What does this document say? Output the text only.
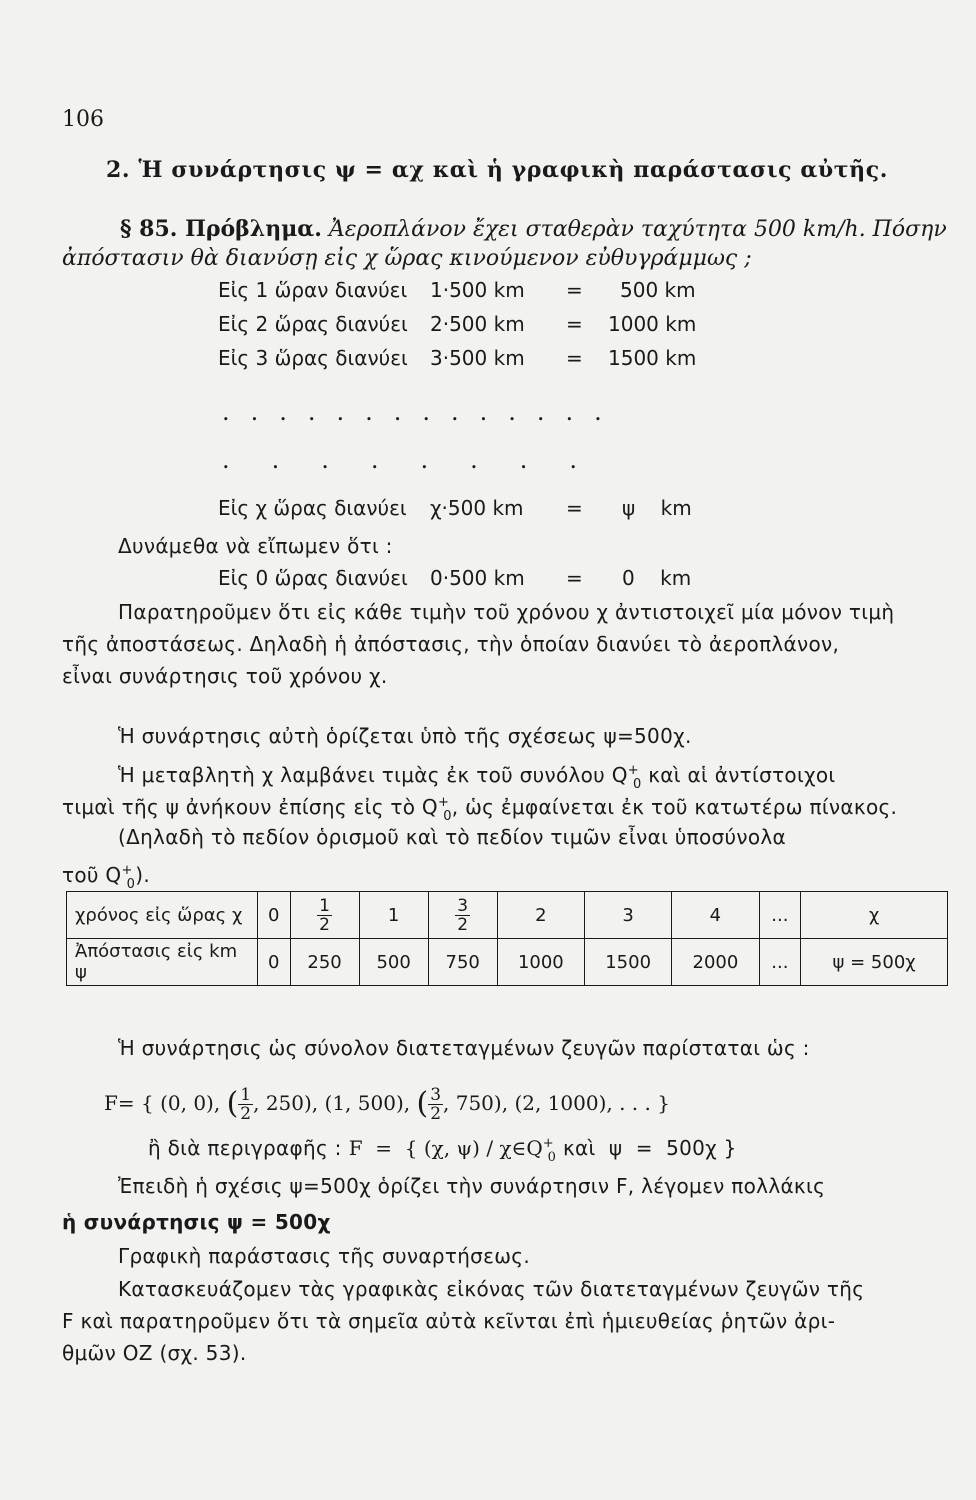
106
2. Ἡ συνάρτησις ψ = αχ καὶ ἡ γραφικὴ παράστασις αὐτῆς.
§ 85. Πρόβλημα. Ἀεροπλάνον ἔχει σταθερὰν ταχύτητα 500 km/h. Πόσην
ἀπόστασιν θὰ διανύσῃ εἰς χ ὥρας κινούμενον εὐθυγράμμως ;
Εἰς 1 ὥραν διανύει 1·500 km = 500 km
Εἰς 2 ὥρας διανύει 2·500 km = 1000 km
Εἰς 3 ὥρας διανύει 3·500 km = 1500 km
..............
........
Εἰς χ ὥρας διανύει χ·500 km = ψ    km
Δυνάμεθα νὰ εἴπωμεν ὅτι :
Εἰς 0 ὥρας διανύει 0·500 km = 0    km
Παρατηροῦμεν ὅτι εἰς κάθε τιμὴν τοῦ χρόνου χ ἀντιστοιχεῖ μία μόνον τιμὴ
τῆς ἀποστάσεως. Δηλαδὴ ἡ ἀπόστασις, τὴν ὁποίαν διανύει τὸ ἀεροπλάνον,
εἶναι συνάρτησις τοῦ χρόνου χ.
Ἡ συνάρτησις αὐτὴ ὁρίζεται ὑπὸ τῆς σχέσεως ψ=500χ.
Ἡ μεταβλητὴ χ λαμβάνει τιμὰς ἐκ τοῦ συνόλου $Q^+_0$ καὶ αἱ ἀντίστοιχοι
τιμαὶ τῆς ψ ἀνήκουν ἐπίσης εἰς τὸ $Q^+_0$, ὡς ἐμφαίνεται ἐκ τοῦ κατωτέρω πίνακος.
(Δηλαδὴ τὸ πεδίον ὁρισμοῦ καὶ τὸ πεδίον τιμῶν εἶναι ὑποσύνολα
τοῦ $Q^+_0$).
χρόνος εἰς ὥρας χ	0	$\frac{1}{2}$	1	$\frac{3}{2}$	2	3	4	...	χ
Ἀπόστασις εἰς km ψ	0	250	500	750	1000	1500	2000	...	ψ = 500χ
Ἡ συνάρτησις ὡς σύνολον διατεταγμένων ζευγῶν παρίσταται ὡς :
F= { (0, 0), ( $\frac{1}{2}$ , 250), (1, 500), ( $\frac{3}{2}$ , 750), (2, 1000), . . . }
ἢ διὰ περιγραφῆς : F  =  { (χ, $\psi) / \chi\in Q^+_0$ καὶ  ψ  =  500χ }
Ἐπειδὴ ἡ σχέσις ψ=500χ ὁρίζει τὴν συνάρτησιν F, λέγομεν πολλάκις
ἡ συνάρτησις ψ = 500χ
Γραφικὴ παράστασις τῆς συναρτήσεως.
Κατασκευάζομεν τὰς γραφικὰς εἰκόνας τῶν διατεταγμένων ζευγῶν τῆς
F καὶ παρατηροῦμεν ὅτι τὰ σημεῖα αὐτὰ κεῖνται ἐπὶ ἡμιευθείας ῥητῶν ἀρι-
θμῶν ΟΖ (σχ. 53).
